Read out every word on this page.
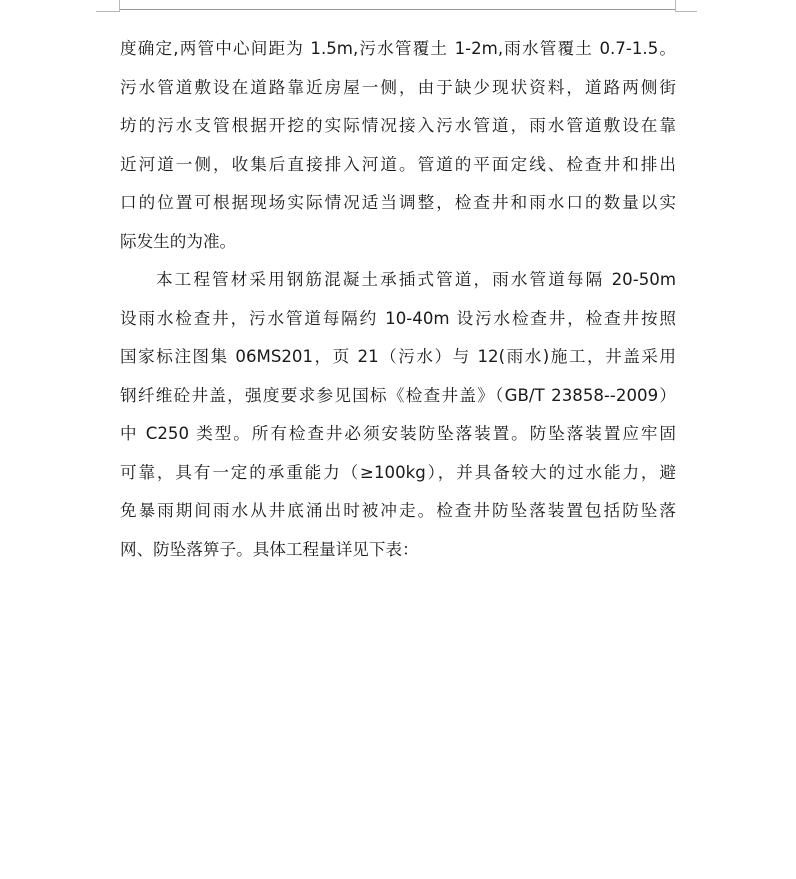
度确定,两管中心间距为 1.5m,污水管覆土 1-2m,雨水管覆土 0.7-1.5。
污水管道敷设在道路靠近房屋一侧，由于缺少现状资料，道路两侧街
坊的污水支管根据开挖的实际情况接入污水管道，雨水管道敷设在靠
近河道一侧，收集后直接排入河道。管道的平面定线、检查井和排出
口的位置可根据现场实际情况适当调整，检查井和雨水口的数量以实
际发生的为准。
本工程管材采用钢筋混凝土承插式管道，雨水管道每隔 20-50m
设雨水检查井，污水管道每隔约 10-40m 设污水检查井，检查井按照
国家标注图集 06MS201，页 21（污水）与 12(雨水)施工，井盖采用
钢纤维砼井盖，强度要求参见国标《检查井盖》（GB/T 23858--2009）
中 C250 类型。所有检查井必须安装防坠落装置。防坠落装置应牢固
可靠，具有一定的承重能力（≥100kg），并具备较大的过水能力，避
免暴雨期间雨水从井底涌出时被冲走。检查井防坠落装置包括防坠落
网、防坠落箅子。具体工程量详见下表：
